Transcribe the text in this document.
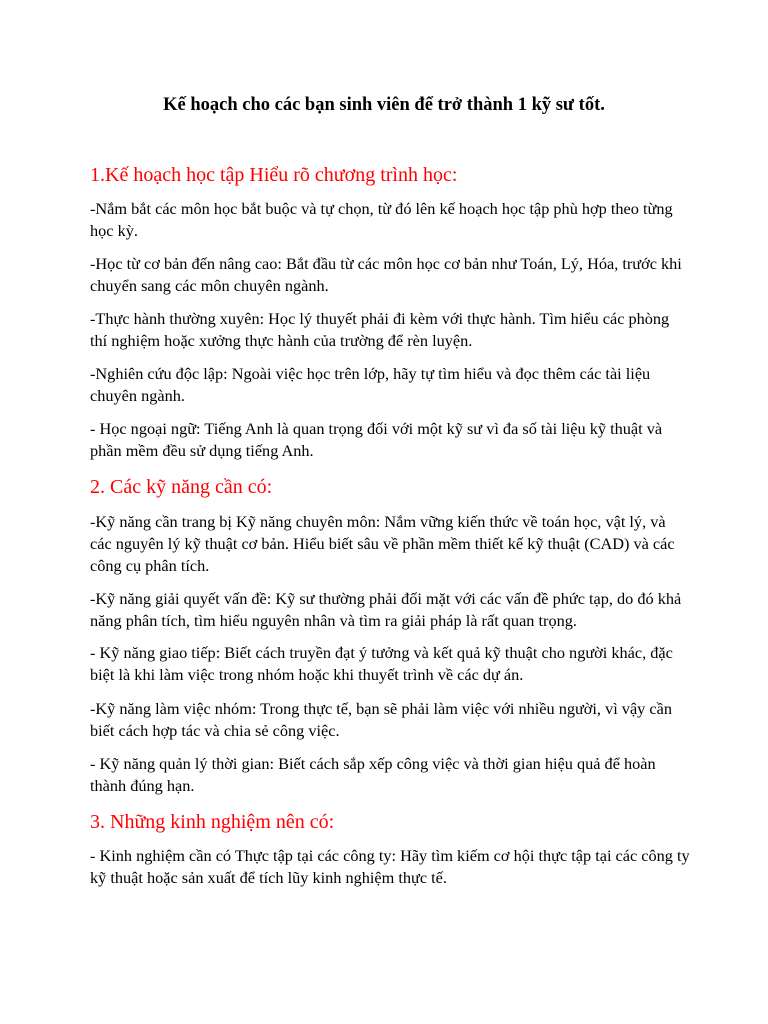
Kế hoạch cho các bạn sinh viên để trở thành 1 kỹ sư tốt.
1.Kế hoạch học tập Hiểu rõ chương trình học:

-Nắm bắt các môn học bắt buộc và tự chọn, từ đó lên kế hoạch học tập phù hợp theo từng học kỳ.

-Học từ cơ bản đến nâng cao: Bắt đầu từ các môn học cơ bản như Toán, Lý, Hóa, trước khi chuyển sang các môn chuyên ngành.

-Thực hành thường xuyên: Học lý thuyết phải đi kèm với thực hành. Tìm hiểu các phòng thí nghiệm hoặc xưởng thực hành của trường để rèn luyện.

-Nghiên cứu độc lập: Ngoài việc học trên lớp, hãy tự tìm hiểu và đọc thêm các tài liệu chuyên ngành.

- Học ngoại ngữ: Tiếng Anh là quan trọng đối với một kỹ sư vì đa số tài liệu kỹ thuật và phần mềm đều sử dụng tiếng Anh.

2. Các kỹ năng cần có:

-Kỹ năng cần trang bị Kỹ năng chuyên môn: Nắm vững kiến thức về toán học, vật lý, và các nguyên lý kỹ thuật cơ bản. Hiểu biết sâu về phần mềm thiết kế kỹ thuật (CAD) và các công cụ phân tích.

-Kỹ năng giải quyết vấn đề: Kỹ sư thường phải đối mặt với các vấn đề phức tạp, do đó khả năng phân tích, tìm hiểu nguyên nhân và tìm ra giải pháp là rất quan trọng.

- Kỹ năng giao tiếp: Biết cách truyền đạt ý tưởng và kết quả kỹ thuật cho người khác, đặc biệt là khi làm việc trong nhóm hoặc khi thuyết trình về các dự án.

-Kỹ năng làm việc nhóm: Trong thực tế, bạn sẽ phải làm việc với nhiều người, vì vậy cần biết cách hợp tác và chia sẻ công việc.

- Kỹ năng quản lý thời gian: Biết cách sắp xếp công việc và thời gian hiệu quả để hoàn thành đúng hạn.

3. Những kinh nghiệm nên có:

- Kinh nghiệm cần có Thực tập tại các công ty: Hãy tìm kiếm cơ hội thực tập tại các công ty kỹ thuật hoặc sản xuất để tích lũy kinh nghiệm thực tế.
